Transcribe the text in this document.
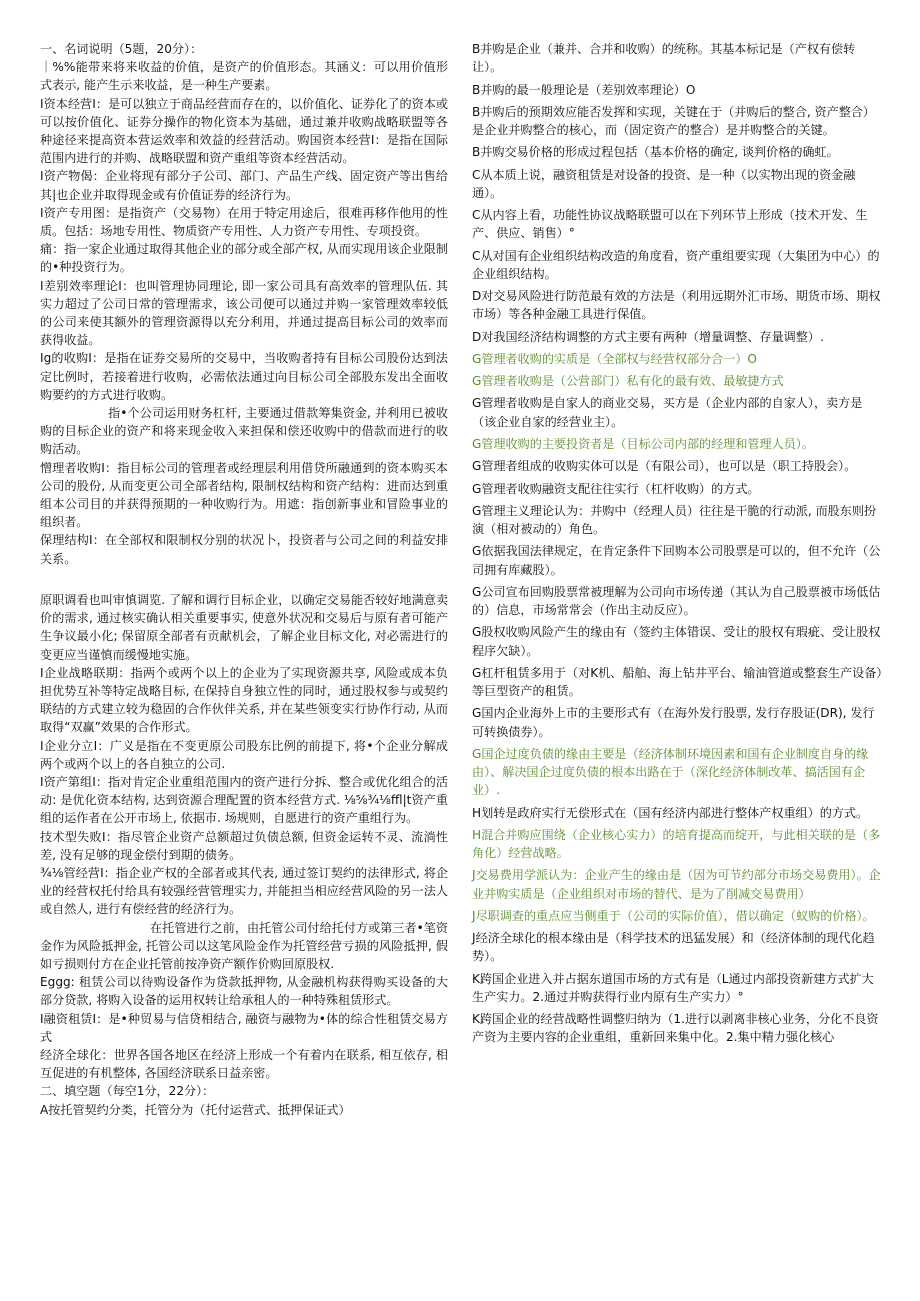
一、名词说明（5题，20分）：

｜%%能带来将来收益的价值，是资产的价值形态。其涵义：可以用价值形式表示, 能产生示来收益，是一种生产要素。

I资本经营I：是可以独立于商品经营而存在的，以价值化、证券化了的资本或可以按价值化、证券分操作的物化资本为基础，通过兼并收购战略联盟等各种途径来提高资本营运效率和效益的经营活动。购国资本经营I：是指在国际范围内进行的并购、战略联盟和资产重组等资本经营活动。

I资产物偈：企业将现有部分子公司、部门、产品生产线、固定资产等出售给其|也企业并取得现金或有价值证券的经济行为。

I资产专用图：是指资产（交易物）在用于特定用途后，很难再移作他用的性质。包括：场地专用性、物质资产专用性、人力资产专用性、专项投资。

痛：指一家企业通过取得其他企业的部分或全部产权, 从而实现用该企业限制的•种投资行为。

I差别效率理论I：也叫管理协同理论, 即一家公司具有高效率的管理队伍. 其实力超过了公司日常的管理需求，该公司便可以通过并购一家管理效率较低的公司来使其额外的管理资源得以充分利用，并通过提高目标公司的效率而获得收益。

Ig的收购I：是指在证券交易所的交易中，当收购者持有目标公司股份达到法定比例时，若接着进行收购，必需依法通过向目标公司全部股东发出全面收购要约的方式进行收购。

指•个公司运用财务杠杆, 主要通过借款筹集资金, 并利用已被收购的目标企业的资产和将来现金收入来担保和偿还收购中的借款而进行的收购活动。

憎理者收购I：指目标公司的管理者或经理层利用借贷所融通到的资本购买本公司的股份, 从而变更公司全部者结构, 限制权结构和资产结构：进而达到重组本公司目的并获得预期的一种收购行为。用遮：指创新事业和冒险事业的组织者。

保理结构I：在全部权和限制权分别的状况卜，投资者与公司之间的利益安排关系。

原职调看也叫审慎调览. 了解和调行目标企业，以确定交易能否较好地满意卖价的需求, 通过核实确认相关重要事实, 使意外状况和交易后与原有者可能产生争议最小化; 保留原全部者有贡献机会，了解企业目标文化, 对必需进行的变更应当谨慎而缓慢地实施。

I企业战略联期：指两个或两个以上的企业为了实现资源共享, 风险或成本负担优势互补等特定战略目标, 在保持自身独立性的同时，通过股权参与或契约联结的方式建立较为稳固的合作伙伴关系, 并在某些领变实行协作行动, 从而取得“双赢”效果的合作形式。

I企业分立I：广义是指在不变更原公司股东比例的前提下, 将•个企业分解成两个或两个以上的各自独立的公司.

I资产第组I：指对肯定企业重组范围内的资产进行分拆、整合或优化组合的活动: 是优化资本结构, 达到资源合理配置的资本经营方式. ⅛⅝¾⅛ffl|t资产重组的运作者在公开市场上, 依据市. 场规则，自愿进行的资产重组行为。

技术型失败I：指尽管企业资产总额超过负债总额, 但资金运转不灵、流淌性差, 没有足够的现金偿付到期的债务。

¾⅛管经营I：指企业产权的全部者或其代表, 通过签订契约的法律形式, 将企业的经营权托付给具有较强经营管理实力, 并能担当相应经营风险的另一法人或自然人, 进行有偿经营的经济行为。

在托管进行之前，由托管公司付给托付方或第三者•笔资金作为风险抵押金, 托管公司以这笔风险金作为托管经营亏损的风险抵押, 假如亏损则付方在企业托管前按净资产额作价购回原股权.

Eggg: 租赁公司以待购设备作为贷款抵押物, 从金融机构获得购买设备的大部分贷款, 将购入设备的运用权转让给承租人的一种特殊租赁形式。

I融资租赁I：是•种贸易与信贷相结合, 融资与融物为•体的综合性租赁交易方式

经济全球化：世界各国各地区在经济上形成一个有着内在联系, 相互依存, 相互促进的有机整体, 各国经济联系日益亲密。

二、填空题（每空1分，22分）：

A按托管契约分类，托管分为（托付运营式、抵押保证式）

B并购是企业（兼并、合并和收购）的统称。其基本标记是（产权有偿转让）。

B并购的最一般理论是（差别效率理论）O

B并购后的预期效应能否发挥和实现，关键在于（并购后的整合, 资产整合）是企业并购整合的核心，而（固定资产的整合）是并购整合的关键。

B并购交易价格的形成过程包括（基本价格的确定, 谈判价格的确虹。

C从本质上说，融资租赁是对设备的投资、是一种（以实物出现的资金融通）。

C从内容上看，功能性协议战略联盟可以在下列环节上形成（技术开发、生产、供应、销售）°

C从对国有企业组织结构改造的角度看，资产重组要实现（大集团为中心）的企业组织结构。

D对交易风险进行防范最有效的方法是（利用远期外汇市场、期货市场、期权市场）等各种金融工具进行保值。

D对我国经济结构调整的方式主要有两种（增量调整、存量调整）.

G管理者收购的实质是（全部权与经营权部分合一）O

G管理者收购是（公营部门）私有化的最有效、最敏捷方式

G管理者收购是自家人的商业交易，买方是（企业内部的自家人），卖方是（该企业自家的经营业主）。

G管理收购的主要投资者是（目标公司内部的经理和管理人员）。

G管理者组成的收购实体可以是（有限公司），也可以是（职工持股会）。

G管理者收购融资支配往往实行（杠杆收购）的方式。

G管理主义理论认为：并购中（经理人员）往往是干脆的行动派, 而股东则扮演（相对被动的）角色。

G依据我国法律规定，在肯定条件下回购本公司股票是可以的，但不允许（公司拥有库藏股）。

G公司宣布回购股票常被理解为公司向市场传递（其认为自己股票被市场低估的）信息，市场常常会（作出主动反应）。

G股权收购风险产生的缘由有（签约主体错误、受让的股权有瑕疵、受让股权程序欠缺）。

G杠杆租赁多用于（对K机、船舶、海上钻井平台、输油管道或整套生产设备）等巨型资产的租赁。

G国内企业海外上市的主要形式有（在海外发行股票, 发行存股证(DR), 发行可转换债券）。

G国企过度负债的缘由主要是（经济体制环境因素和国有企业制度自身的缘由）、解决国企过度负债的根本出路在于（深化经济体制改革、搞活国有企业）.

H划转是政府实行无偿形式在（国有经济内部进行整体产权重组）的方式。

H混合并购应围绕（企业核心实力）的培育提高而绽开，与此相关联的是（多角化）经营战略。

J交易费用学派认为：企业产生的缘由是（因为可节约部分市场交易费用）。企业并购实质是（企业组织对市场的替代、是为了削减交易费用）

J尽职调查的重点应当侧重于（公司的实际价值），借以确定（蚁购的价格）。

J经济全球化的根本缘由是（科学技术的迅猛发展）和（经济体制的现代化趋势）。

K跨国企业进入并占据东道国市场的方式有是（L通过内部投资新建方式扩大生产实力。2.通过并购获得行业内原有生产实力）°

K跨国企业的经营战略性调整归纳为（1.进行以剥离非核心业务，分化不良资产资为主要内容的企业重组，重新回来集中化。2.集中精力强化核心
